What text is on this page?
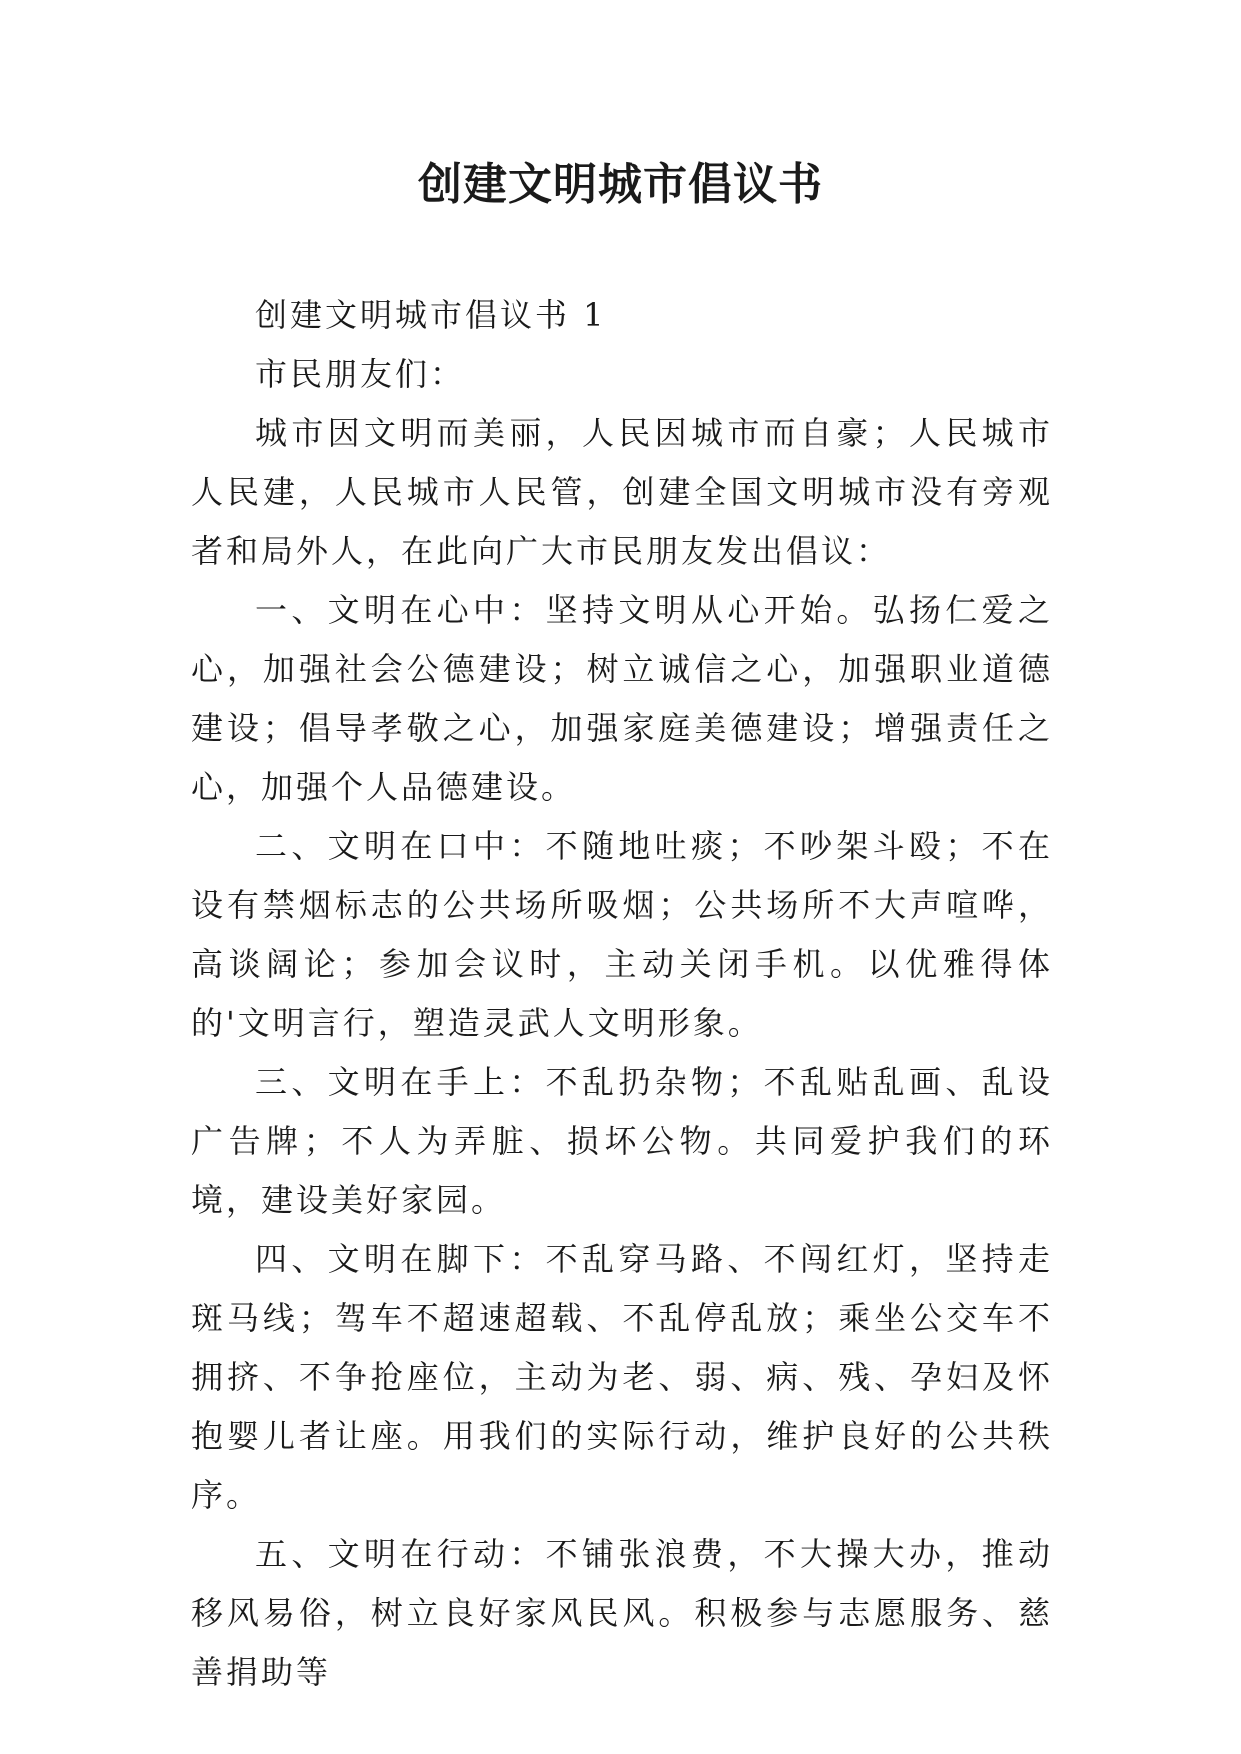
创建文明城市倡议书

创建文明城市倡议书 1

市民朋友们：

城市因文明而美丽，人民因城市而自豪；人民城市人民建，人民城市人民管，创建全国文明城市没有旁观者和局外人，在此向广大市民朋友发出倡议：

一、文明在心中：坚持文明从心开始。弘扬仁爱之心，加强社会公德建设；树立诚信之心，加强职业道德建设；倡导孝敬之心，加强家庭美德建设；增强责任之心，加强个人品德建设。

二、文明在口中：不随地吐痰；不吵架斗殴；不在设有禁烟标志的公共场所吸烟；公共场所不大声喧哗，高谈阔论；参加会议时，主动关闭手机。以优雅得体的'文明言行，塑造灵武人文明形象。

三、文明在手上：不乱扔杂物；不乱贴乱画、乱设广告牌；不人为弄脏、损坏公物。共同爱护我们的环境，建设美好家园。

四、文明在脚下：不乱穿马路、不闯红灯，坚持走斑马线；驾车不超速超载、不乱停乱放；乘坐公交车不拥挤、不争抢座位，主动为老、弱、病、残、孕妇及怀抱婴儿者让座。用我们的实际行动，维护良好的公共秩序。

五、文明在行动：不铺张浪费，不大操大办，推动移风易俗，树立良好家风民风。积极参与志愿服务、慈善捐助等
